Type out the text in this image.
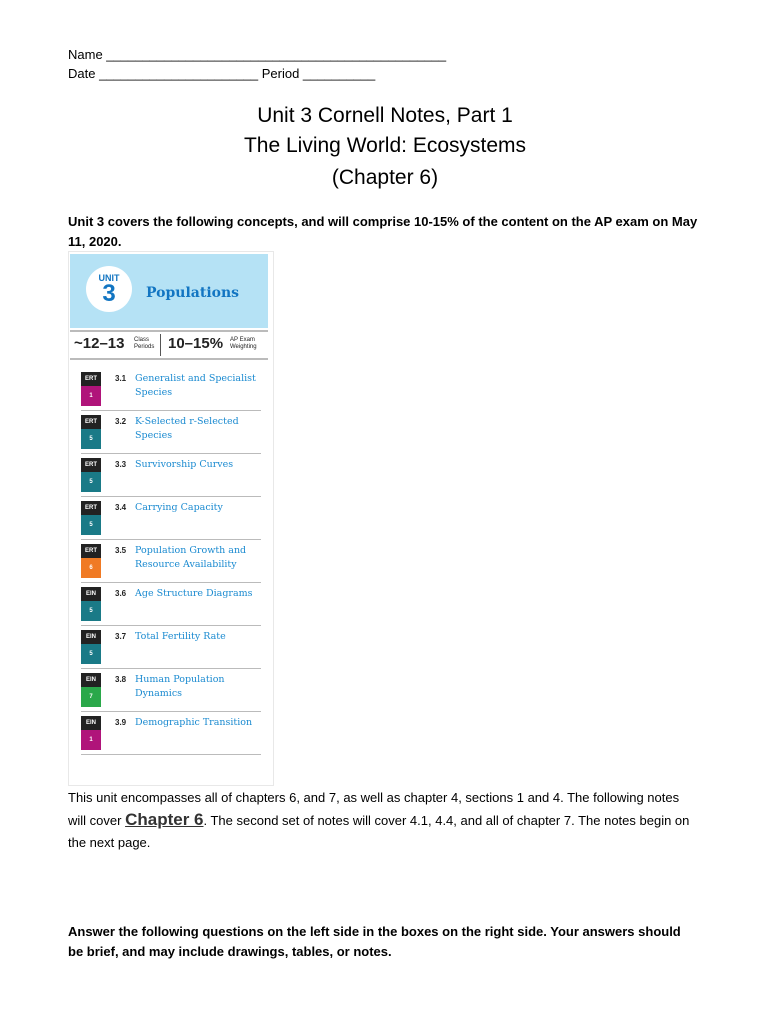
Name _______________________________________________
Date ______________________ Period __________
Unit 3 Cornell Notes, Part 1
The Living World: Ecosystems
(Chapter 6)
Unit 3 covers the following concepts, and will comprise 10-15% of the content on the AP exam on May 11, 2020.
UNIT
3	Populations
~12–13 Class
Periods 10–15% AP Exam
Weighting
ERT
1
3.1 Generalist and Specialist Species
ERT
5
3.2 K-Selected r-Selected Species
ERT
5
3.3 Survivorship Curves
ERT
5
3.4 Carrying Capacity
ERT
6
3.5 Population Growth and Resource Availability
EIN
5
3.6 Age Structure Diagrams
EIN
5
3.7 Total Fertility Rate
EIN
7
3.8 Human Population Dynamics
EIN
1
3.9 Demographic Transition
This unit encompasses all of chapters 6, and 7, as well as chapter 4, sections 1 and 4. The following notes will cover Chapter 6. The second set of notes will cover 4.1, 4.4, and all of chapter 7. The notes begin on the next page.
Answer the following questions on the left side in the boxes on the right side. Your answers should be brief, and may include drawings, tables, or notes.
